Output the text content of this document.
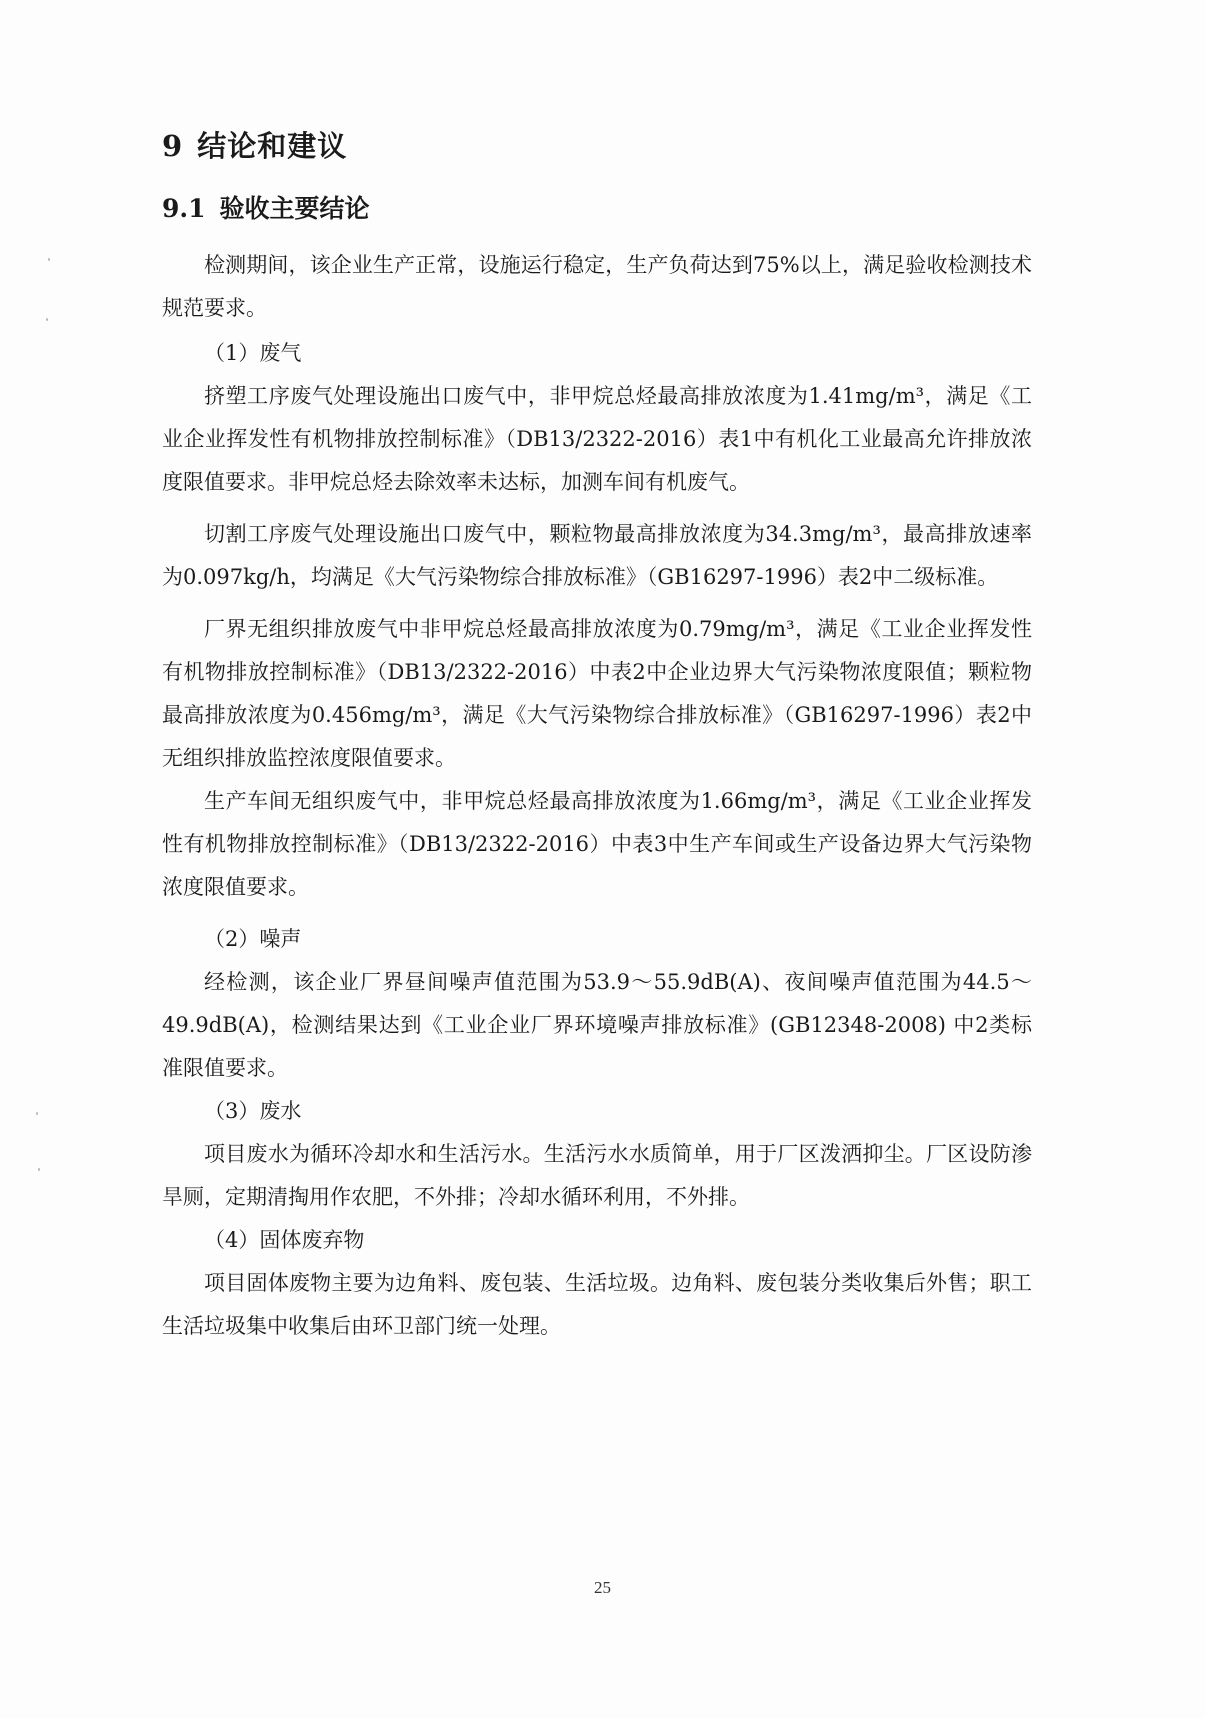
9 结论和建议
9.1 验收主要结论

检测期间，该企业生产正常，设施运行稳定，生产负荷达到75%以上，满足验收检测技术规范要求。

（1）废气

挤塑工序废气处理设施出口废气中，非甲烷总烃最高排放浓度为1.41mg/m³，满足《工业企业挥发性有机物排放控制标准》（DB13/2322-2016）表1中有机化工业最高允许排放浓度限值要求。非甲烷总烃去除效率未达标，加测车间有机废气。

切割工序废气处理设施出口废气中，颗粒物最高排放浓度为34.3mg/m³，最高排放速率为0.097kg/h，均满足《大气污染物综合排放标准》（GB16297-1996）表2中二级标准。

厂界无组织排放废气中非甲烷总烃最高排放浓度为0.79mg/m³，满足《工业企业挥发性有机物排放控制标准》（DB13/2322-2016）中表2中企业边界大气污染物浓度限值；颗粒物最高排放浓度为0.456mg/m³，满足《大气污染物综合排放标准》（GB16297-1996）表2中无组织排放监控浓度限值要求。

生产车间无组织废气中，非甲烷总烃最高排放浓度为1.66mg/m³，满足《工业企业挥发性有机物排放控制标准》（DB13/2322-2016）中表3中生产车间或生产设备边界大气污染物浓度限值要求。

（2）噪声

经检测，该企业厂界昼间噪声值范围为53.9～55.9dB(A)、夜间噪声值范围为44.5～49.9dB(A)，检测结果达到《工业企业厂界环境噪声排放标准》(GB12348-2008) 中2类标准限值要求。

（3）废水

项目废水为循环冷却水和生活污水。生活污水水质简单，用于厂区泼洒抑尘。厂区设防渗旱厕，定期清掏用作农肥，不外排；冷却水循环利用，不外排。

（4）固体废弃物

项目固体废物主要为边角料、废包装、生活垃圾。边角料、废包装分类收集后外售；职工生活垃圾集中收集后由环卫部门统一处理。

25
